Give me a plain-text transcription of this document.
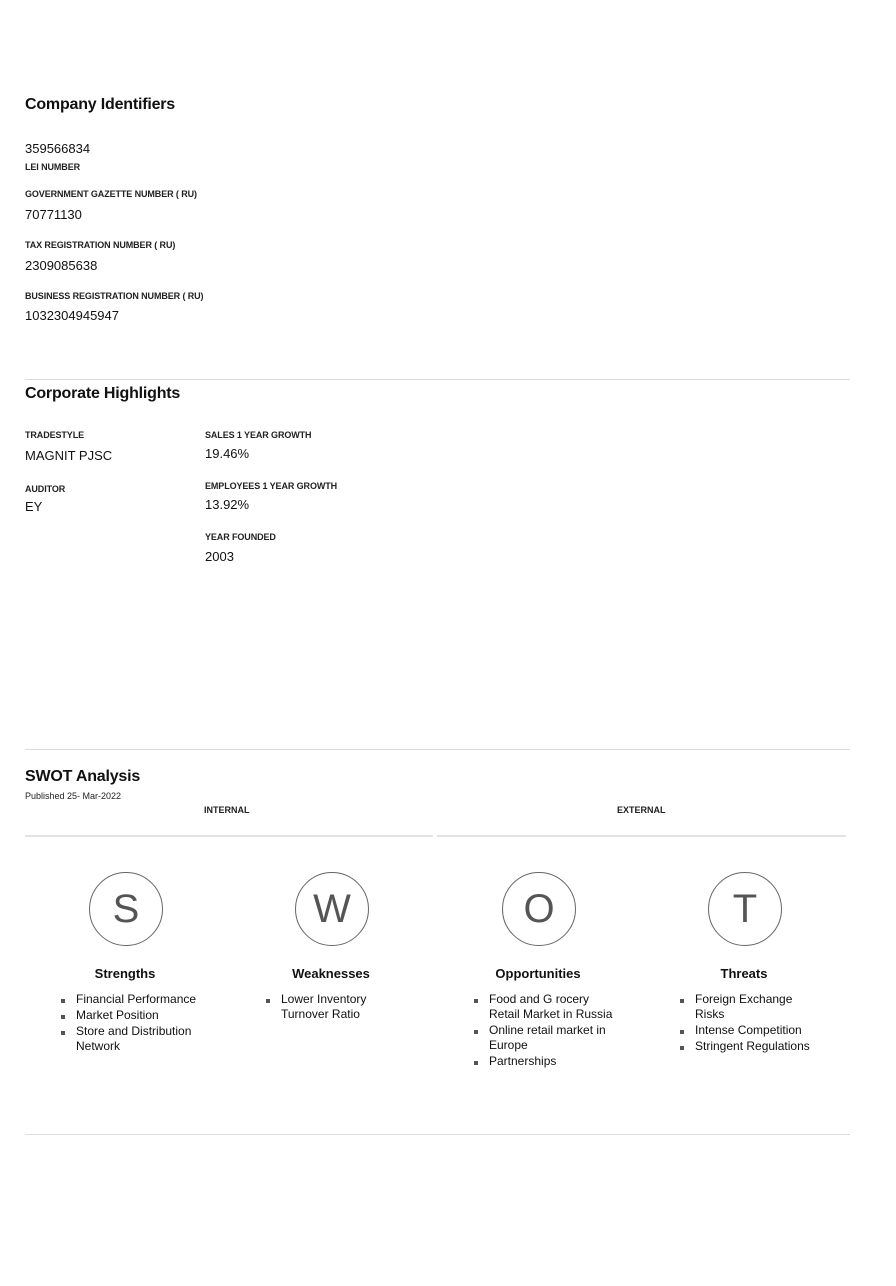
Company Identifiers
359566834
LEI NUMBER
GOVERNMENT GAZETTE NUMBER ( RU)
70771130
TAX REGISTRATION NUMBER ( RU)
2309085638
BUSINESS REGISTRATION NUMBER ( RU)
1032304945947
Corporate Highlights
TRADESTYLE
MAGNIT PJSC
AUDITOR
EY
SALES 1 YEAR GROWTH
19.46%
EMPLOYEES 1 YEAR GROWTH
13.92%
YEAR FOUNDED
2003
SWOT Analysis
Published 25- Mar-2022
INTERNAL	EXTERNAL
S
Strengths
Financial Performance
Market Position
Store and Distribution Network
W
Weaknesses
Lower Inventory Turnover Ratio
O
Opportunities
Food and G rocery Retail Market in Russia
Online retail market in Europe
Partnerships
T
Threats
Foreign Exchange Risks
Intense Competition
Stringent Regulations
